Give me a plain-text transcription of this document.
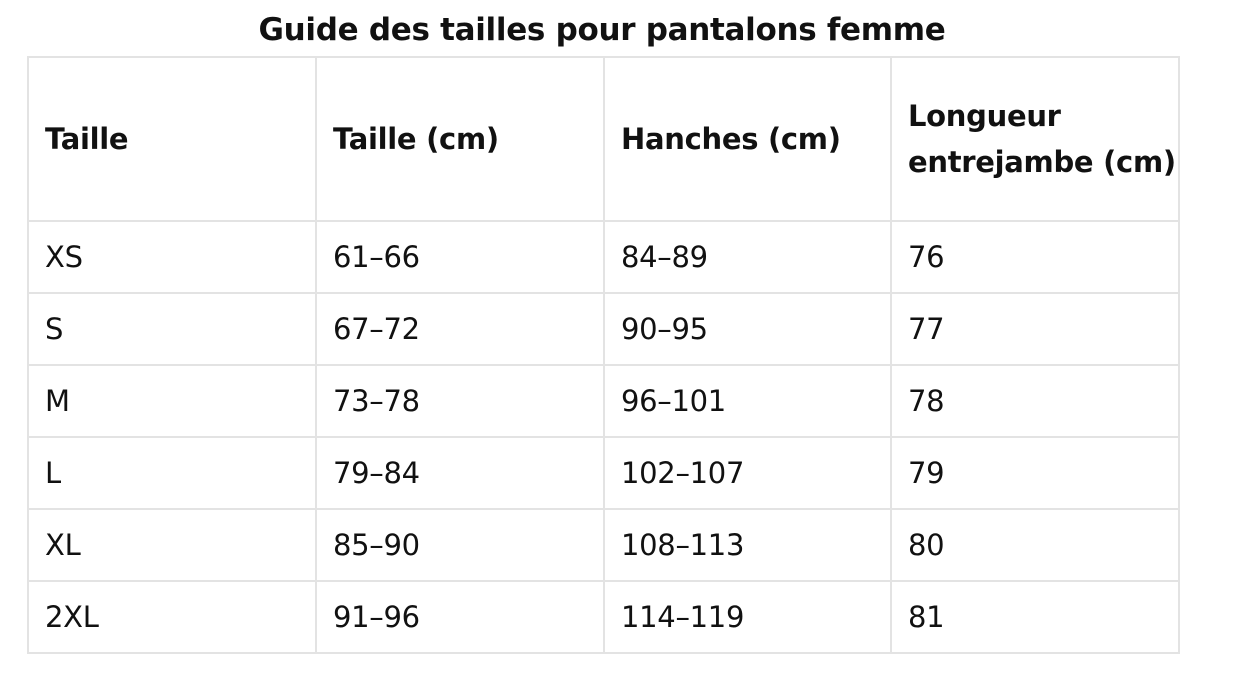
Guide des tailles pour pantalons femme
Taille	Taille (cm)	Hanches (cm)	Longueur entrejambe (cm)
XS	61–66	84–89	76
S	67–72	90–95	77
M	73–78	96–101	78
L	79–84	102–107	79
XL	85–90	108–113	80
2XL	91–96	114–119	81
